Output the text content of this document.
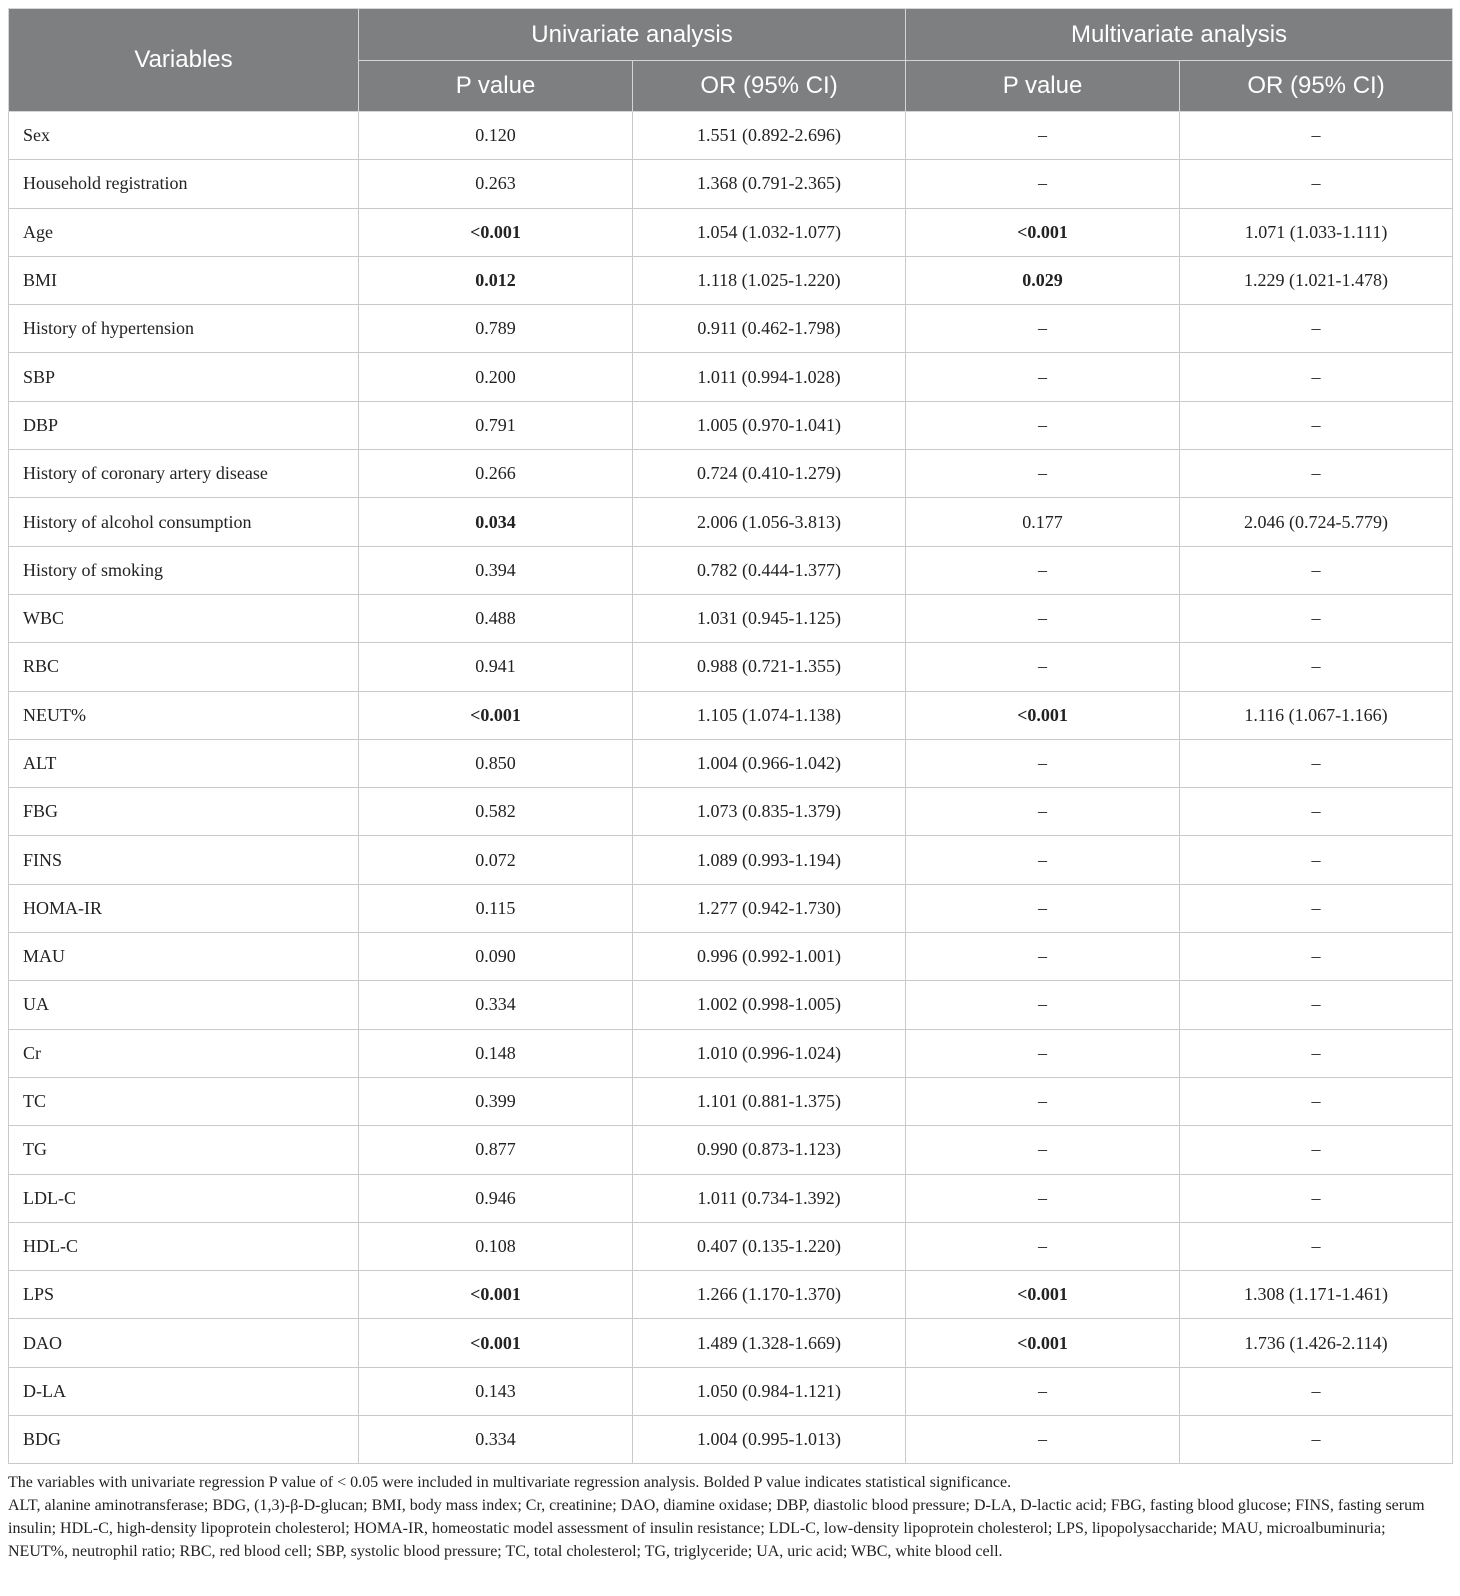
Variables	Univariate analysis		Multivariate analysis	
	P value	OR (95% CI)	P value	OR (95% CI)
Sex	0.120	1.551 (0.892-2.696)	–	–
Household registration	0.263	1.368 (0.791-2.365)	–	–
Age	<0.001	1.054 (1.032-1.077)	<0.001	1.071 (1.033-1.111)
BMI	0.012	1.118 (1.025-1.220)	0.029	1.229 (1.021-1.478)
History of hypertension	0.789	0.911 (0.462-1.798)	–	–
SBP	0.200	1.011 (0.994-1.028)	–	–
DBP	0.791	1.005 (0.970-1.041)	–	–
History of coronary artery disease	0.266	0.724 (0.410-1.279)	–	–
History of alcohol consumption	0.034	2.006 (1.056-3.813)	0.177	2.046 (0.724-5.779)
History of smoking	0.394	0.782 (0.444-1.377)	–	–
WBC	0.488	1.031 (0.945-1.125)	–	–
RBC	0.941	0.988 (0.721-1.355)	–	–
NEUT%	<0.001	1.105 (1.074-1.138)	<0.001	1.116 (1.067-1.166)
ALT	0.850	1.004 (0.966-1.042)	–	–
FBG	0.582	1.073 (0.835-1.379)	–	–
FINS	0.072	1.089 (0.993-1.194)	–	–
HOMA-IR	0.115	1.277 (0.942-1.730)	–	–
MAU	0.090	0.996 (0.992-1.001)	–	–
UA	0.334	1.002 (0.998-1.005)	–	–
Cr	0.148	1.010 (0.996-1.024)	–	–
TC	0.399	1.101 (0.881-1.375)	–	–
TG	0.877	0.990 (0.873-1.123)	–	–
LDL-C	0.946	1.011 (0.734-1.392)	–	–
HDL-C	0.108	0.407 (0.135-1.220)	–	–
LPS	<0.001	1.266 (1.170-1.370)	<0.001	1.308 (1.171-1.461)
DAO	<0.001	1.489 (1.328-1.669)	<0.001	1.736 (1.426-2.114)
D-LA	0.143	1.050 (0.984-1.121)	–	–
BDG	0.334	1.004 (0.995-1.013)	–	–

The variables with univariate regression P value of < 0.05 were included in multivariate regression analysis. Bolded P value indicates statistical significance.

ALT, alanine aminotransferase; BDG, (1,3)-β-D-glucan; BMI, body mass index; Cr, creatinine; DAO, diamine oxidase; DBP, diastolic blood pressure; D-LA, D-lactic acid; FBG, fasting blood glucose; FINS, fasting serum insulin; HDL-C, high-density lipoprotein cholesterol; HOMA-IR, homeostatic model assessment of insulin resistance; LDL-C, low-density lipoprotein cholesterol; LPS, lipopolysaccharide; MAU, microalbuminuria; NEUT%, neutrophil ratio; RBC, red blood cell; SBP, systolic blood pressure; TC, total cholesterol; TG, triglyceride; UA, uric acid; WBC, white blood cell.
